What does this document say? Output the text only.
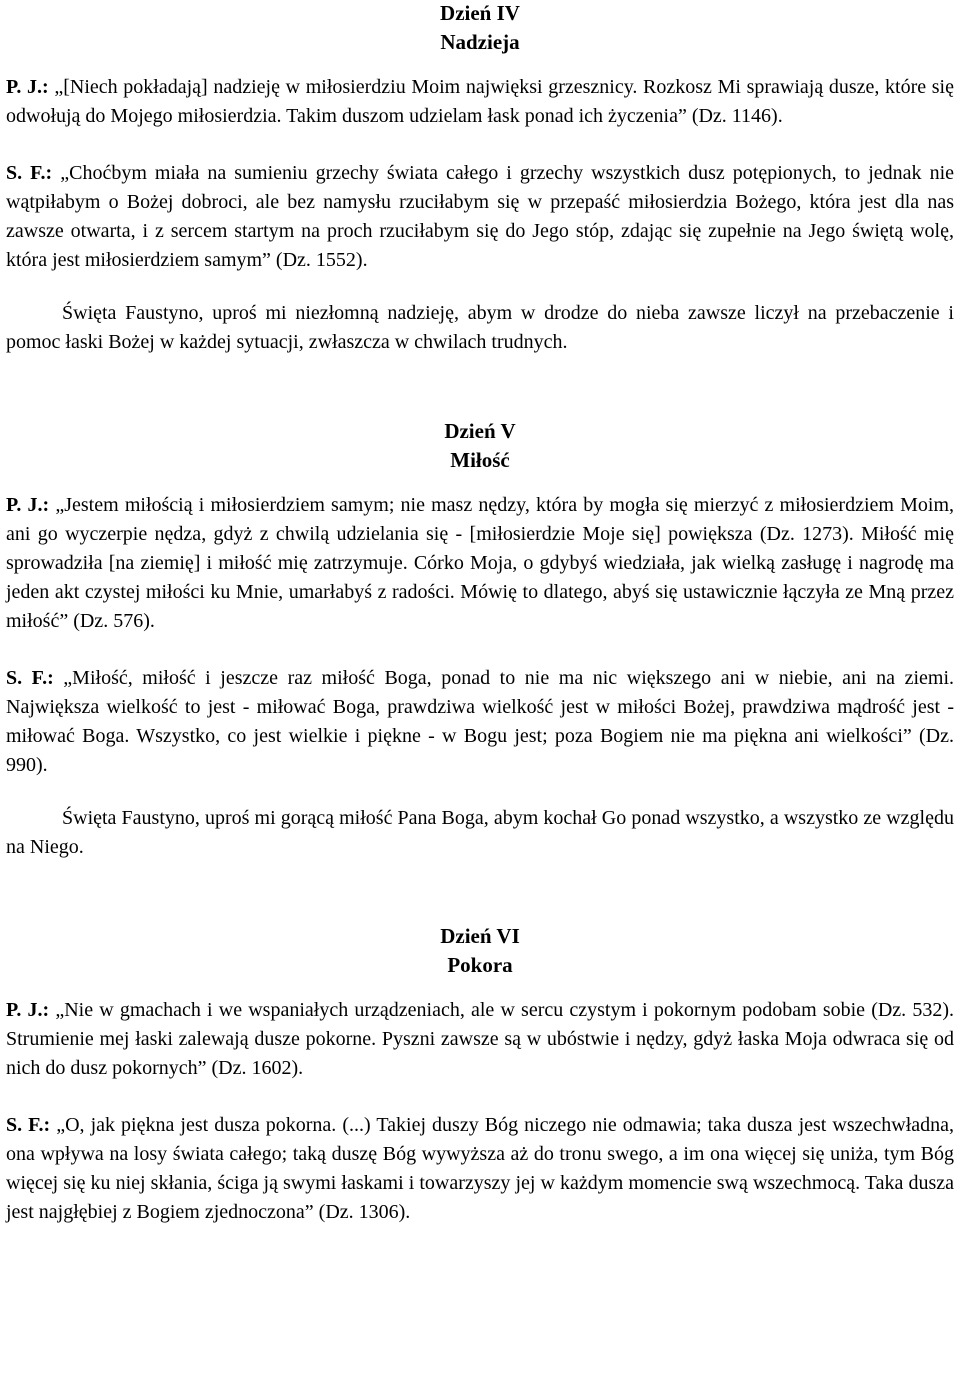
Dzień IV

Nadzieja

P. J.: „[Niech pokładają] nadzieję w miłosierdziu Moim najwięksi grzesznicy. Rozkosz Mi sprawiają dusze, które się odwołują do Mojego miłosierdzia. Takim duszom udzielam łask ponad ich życzenia” (Dz. 1146).

S. F.: „Choćbym miała na sumieniu grzechy świata całego i grzechy wszystkich dusz potępionych, to jednak nie wątpiłabym o Bożej dobroci, ale bez namysłu rzuciłabym się w przepaść miłosierdzia Bożego, która jest dla nas zawsze otwarta, i z sercem startym na proch rzuciłabym się do Jego stóp, zdając się zupełnie na Jego świętą wolę, która jest miłosierdziem samym” (Dz. 1552).

Święta Faustyno, uproś mi niezłomną nadzieję, abym w drodze do nieba zawsze liczył na przebaczenie i pomoc łaski Bożej w każdej sytuacji, zwłaszcza w chwilach trudnych.

Dzień V

Miłość

P. J.: „Jestem miłością i miłosierdziem samym; nie masz nędzy, która by mogła się mierzyć z miłosierdziem Moim, ani go wyczerpie nędza, gdyż z chwilą udzielania się - [miłosierdzie Moje się] powiększa (Dz. 1273). Miłość mię sprowadziła [na ziemię] i miłość mię zatrzymuje. Córko Moja, o gdybyś wiedziała, jak wielką zasługę i nagrodę ma jeden akt czystej miłości ku Mnie, umarłabyś z radości. Mówię to dlatego, abyś się ustawicznie łączyła ze Mną przez miłość” (Dz. 576).

S. F.: „Miłość, miłość i jeszcze raz miłość Boga, ponad to nie ma nic większego ani w niebie, ani na ziemi. Największa wielkość to jest - miłować Boga, prawdziwa wielkość jest w miłości Bożej, prawdziwa mądrość jest - miłować Boga. Wszystko, co jest wielkie i piękne - w Bogu jest; poza Bogiem nie ma piękna ani wielkości” (Dz. 990).

Święta Faustyno, uproś mi gorącą miłość Pana Boga, abym kochał Go ponad wszystko, a wszystko ze względu na Niego.

Dzień VI

Pokora

P. J.: „Nie w gmachach i we wspaniałych urządzeniach, ale w sercu czystym i pokornym podobam sobie (Dz. 532). Strumienie mej łaski zalewają dusze pokorne. Pyszni zawsze są w ubóstwie i nędzy, gdyż łaska Moja odwraca się od nich do dusz pokornych” (Dz. 1602).

S. F.: „O, jak piękna jest dusza pokorna. (...) Takiej duszy Bóg niczego nie odmawia; taka dusza jest wszechwładna, ona wpływa na losy świata całego; taką duszę Bóg wywyższa aż do tronu swego, a im ona więcej się uniża, tym Bóg więcej się ku niej skłania, ściga ją swymi łaskami i towarzyszy jej w każdym momencie swą wszechmocą. Taka dusza jest najgłębiej z Bogiem zjednoczona” (Dz. 1306).
